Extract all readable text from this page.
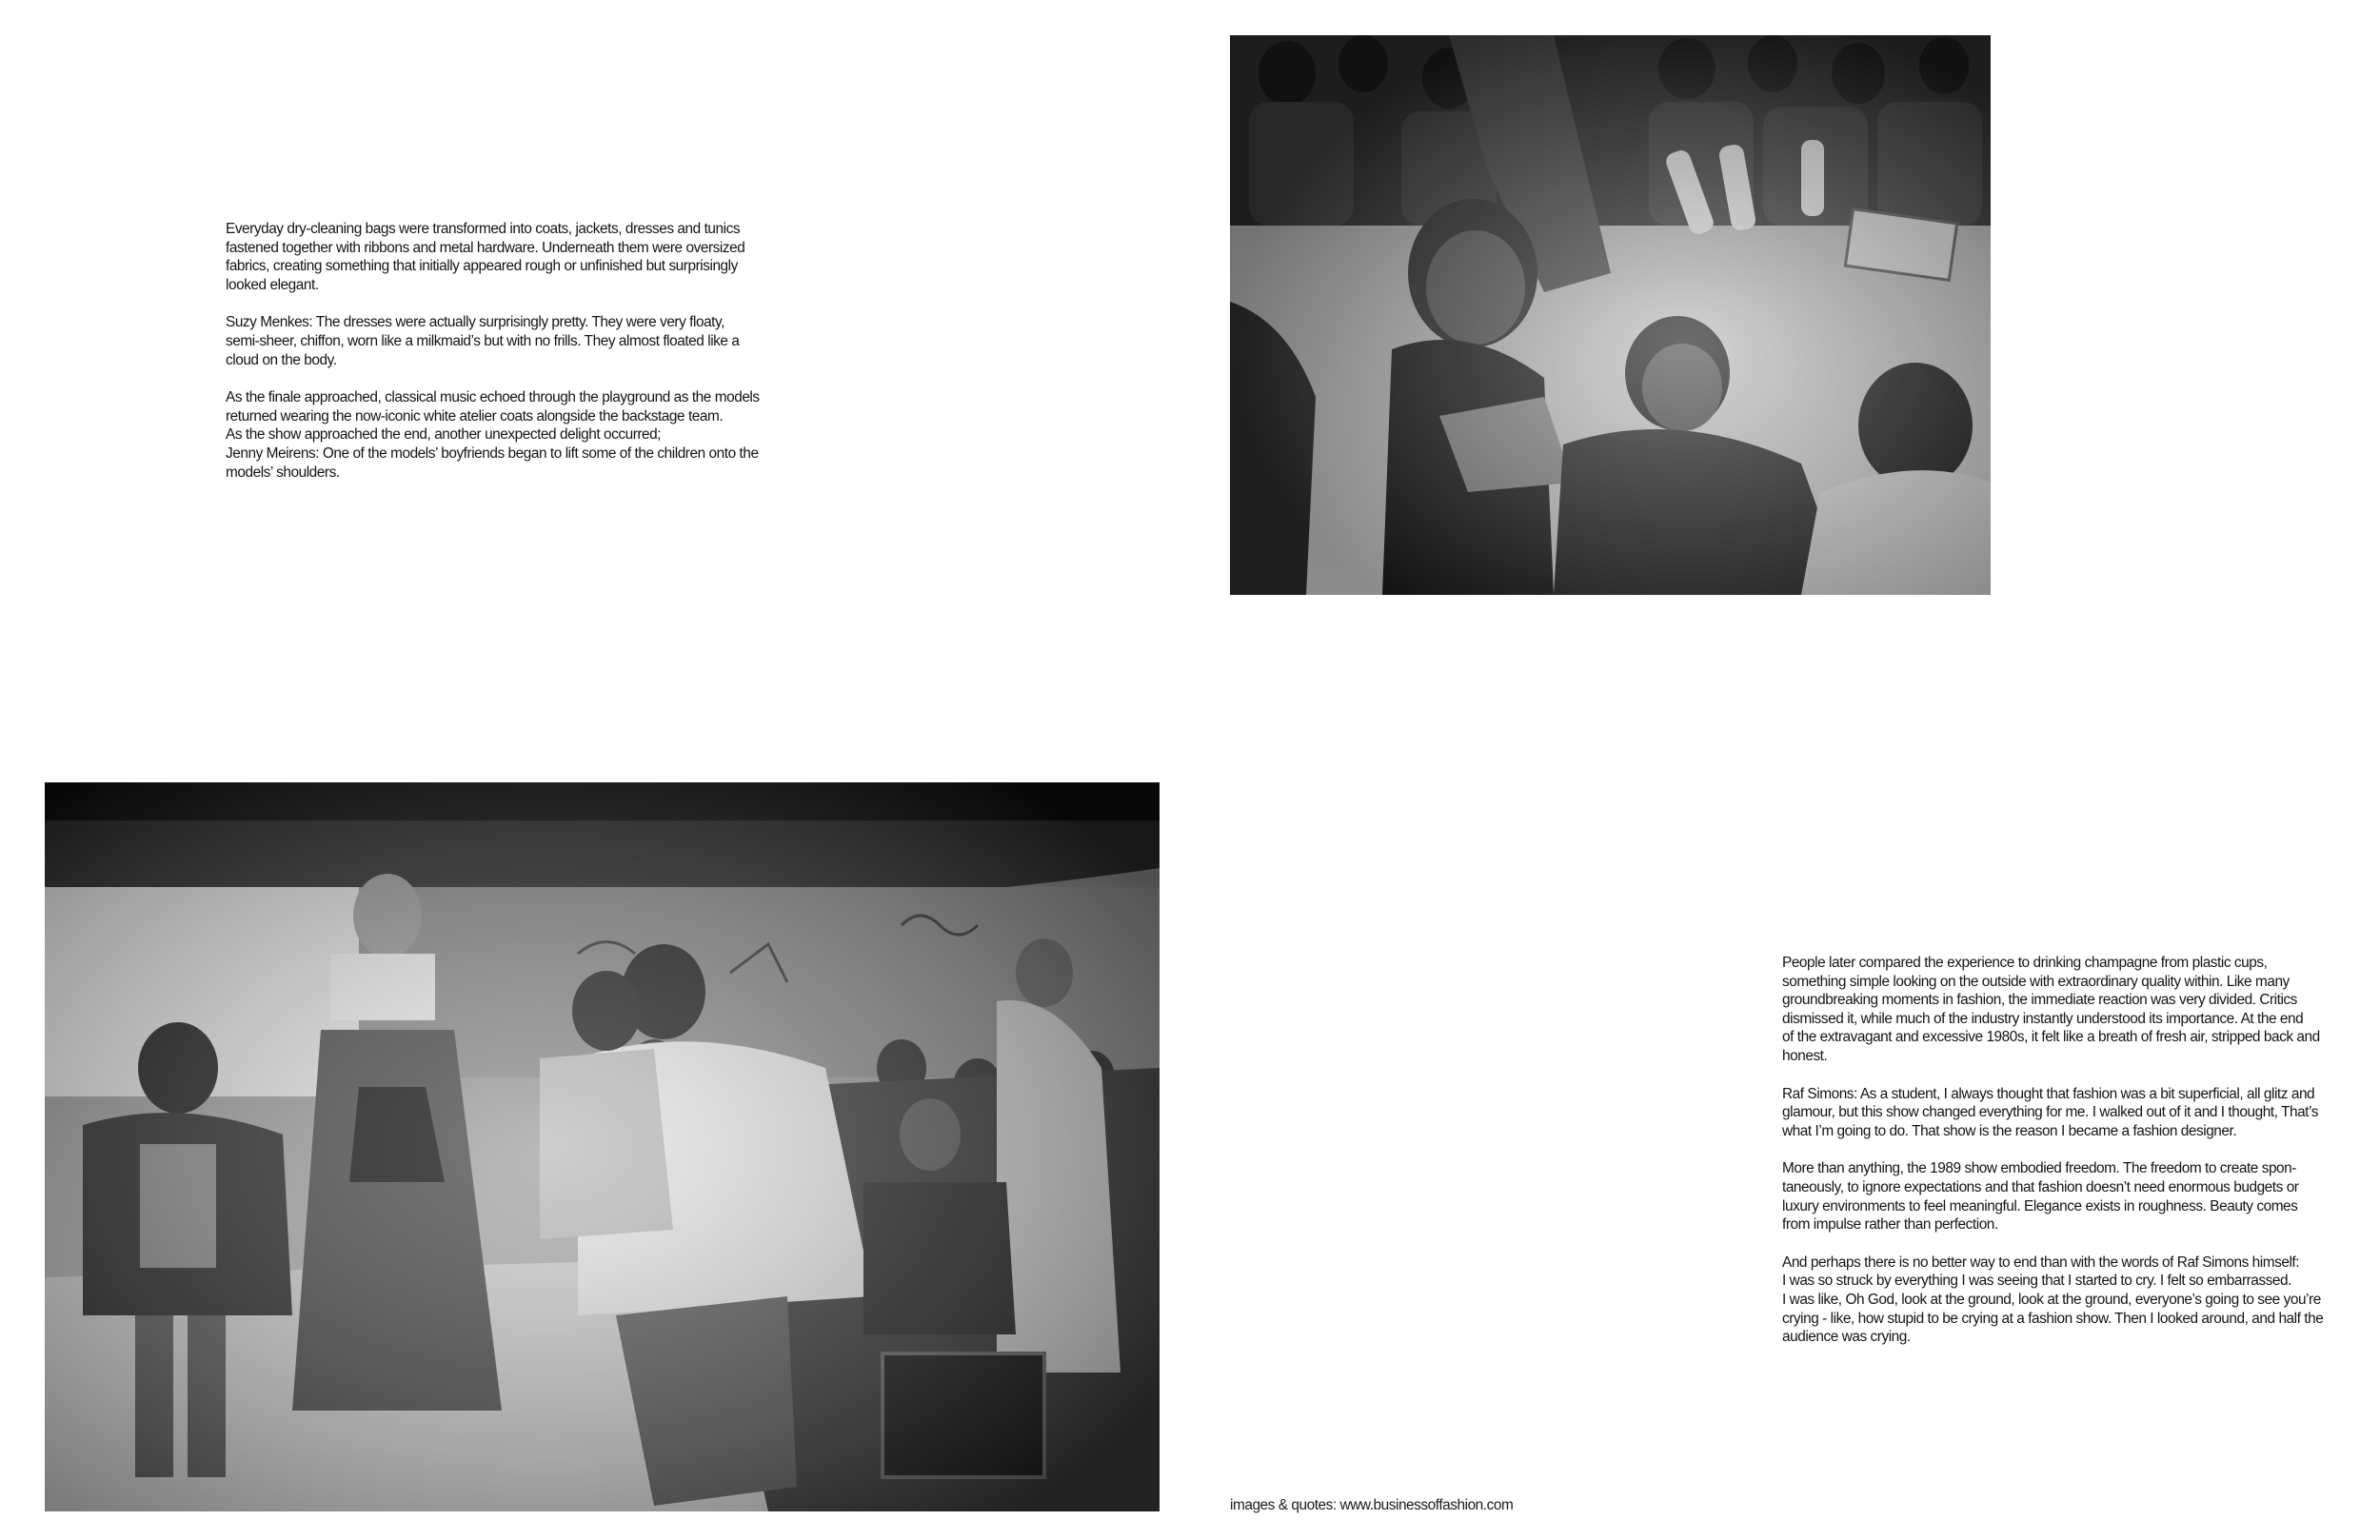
Everyday dry-cleaning bags were transformed into coats, jackets, dresses and tunics
fastened together with ribbons and metal hardware. Underneath them were oversized
fabrics, creating something that initially appeared rough or unfinished but surprisingly
looked elegant.

Suzy Menkes: The dresses were actually surprisingly pretty. They were very floaty,
semi-sheer, chiffon, worn like a milkmaid’s but with no frills. They almost floated like a
cloud on the body.

As the finale approached, classical music echoed through the playground as the models
returned wearing the now-iconic white atelier coats alongside the backstage team.
As the show approached the end, another unexpected delight occurred;
Jenny Meirens: One of the models’ boyfriends began to lift some of the children onto the
models’ shoulders.

People later compared the experience to drinking champagne from plastic cups,
something simple looking on the outside with extraordinary quality within. Like many
groundbreaking moments in fashion, the immediate reaction was very divided. Critics
dismissed it, while much of the industry instantly understood its importance. At the end
of the extravagant and excessive 1980s, it felt like a breath of fresh air, stripped back and
honest.

Raf Simons: As a student, I always thought that fashion was a bit superficial, all glitz and
glamour, but this show changed everything for me. I walked out of it and I thought, That’s
what I’m going to do. That show is the reason I became a fashion designer.

More than anything, the 1989 show embodied freedom. The freedom to create spon-
taneously, to ignore expectations and that fashion doesn’t need enormous budgets or
luxury environments to feel meaningful. Elegance exists in roughness. Beauty comes
from impulse rather than perfection.

And perhaps there is no better way to end than with the words of Raf Simons himself:
I was so struck by everything I was seeing that I started to cry. I felt so embarrassed.
I was like, Oh God, look at the ground, look at the ground, everyone’s going to see you’re
crying - like, how stupid to be crying at a fashion show. Then I looked around, and half the
audience was crying.

images & quotes: www.businessoffashion.com
